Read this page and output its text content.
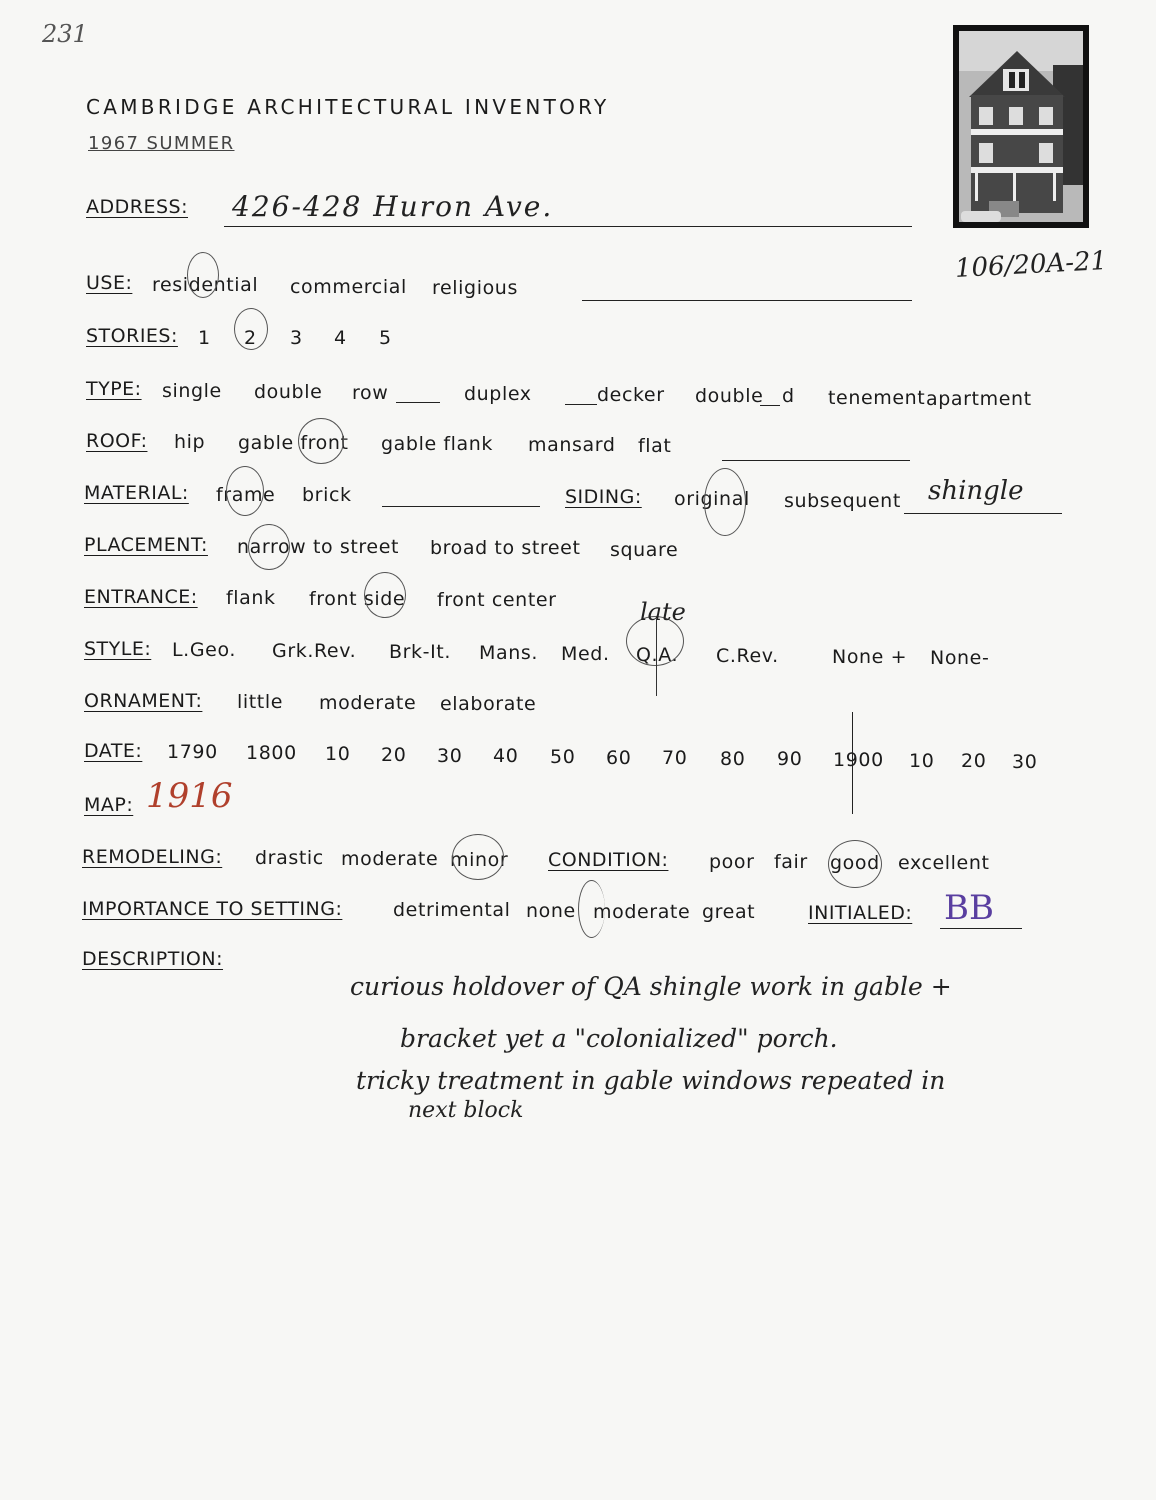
231
CAMBRIDGE ARCHITECTURAL INVENTORY
1967 SUMMER
106/20A-21
ADDRESS: 426-428 Huron Ave.
USE: residential commercial religious
STORIES: 1 2 3 4 5
TYPE: single double row	duplex	decker double d tenement apartment
ROOF: hip gable front gable flank mansard flat
MATERIAL: frame brick	SIDING: original subsequent shingle
PLACEMENT: narrow to street broad to street square
ENTRANCE: flank front side front center
STYLE: L.Geo. Grk.Rev. Brk-It. Mans. Med. Q.A. C.Rev.	None + None-
late
ORNAMENT: little moderate elaborate
DATE: 1790 1800 10 20 30 40 50 60 70 80 90 1900 10 20 30
MAP: 1916
REMODELING: drastic moderate minor CONDITION: poor fair good excellent
IMPORTANCE TO SETTING:	detrimental none moderate great	INITIALED: BB
DESCRIPTION:
curious holdover of QA shingle work in gable +
bracket yet a "colonialized" porch.
tricky treatment in gable windows repeated in
next block
